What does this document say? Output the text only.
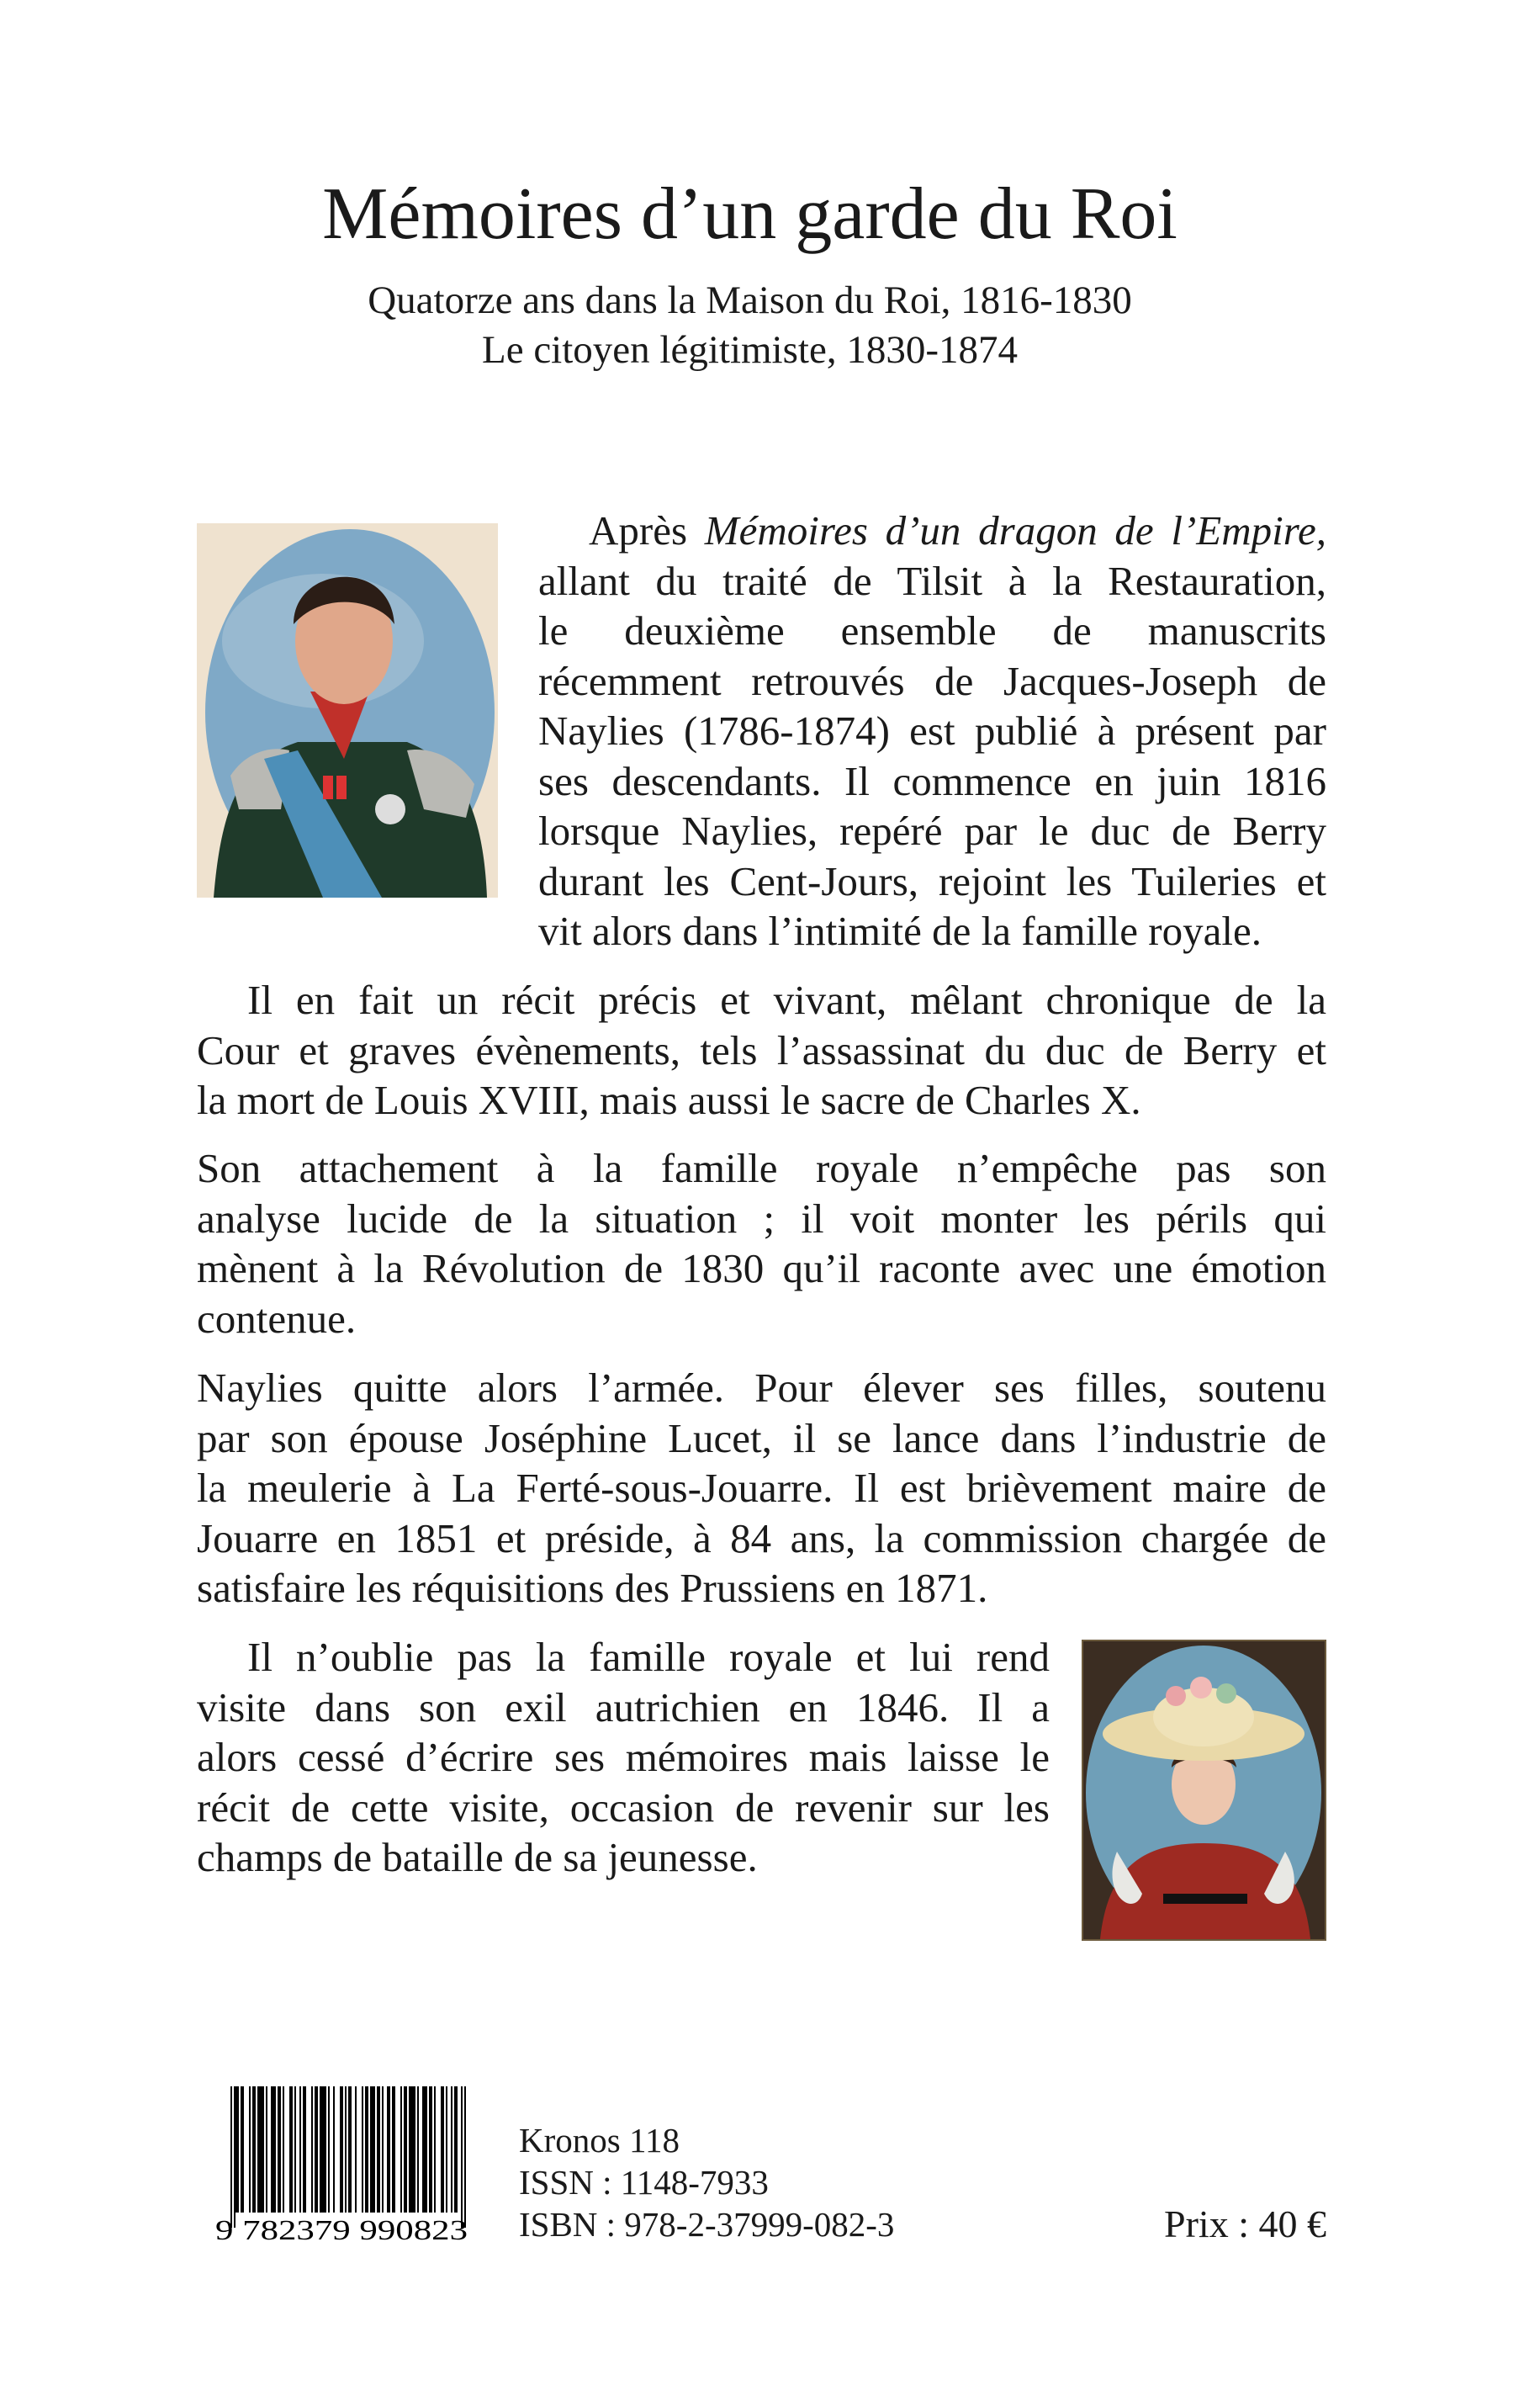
Mémoires d’un garde du Roi
Quatorze ans dans la Maison du Roi, 1816-1830
Le citoyen légitimiste, 1830-1874
Après Mémoires d’un dragon de l’Empire,
allant du traité de Tilsit à la Restauration,
le deuxième ensemble de manuscrits
récemment retrouvés de Jacques-Joseph de
Naylies (1786-1874) est publié à présent par
ses descendants. Il commence en juin 1816
lorsque Naylies, repéré par le duc de Berry
durant les Cent-Jours, rejoint les Tuileries et
vit alors dans l’intimité de la famille royale.
Il en fait un récit précis et vivant, mêlant chronique de la
Cour et graves évènements, tels l’assassinat du duc de Berry et
la mort de Louis XVIII, mais aussi le sacre de Charles X.
Son attachement à la famille royale n’empêche pas son
analyse lucide de la situation ; il voit monter les périls qui
mènent à la Révolution de 1830 qu’il raconte avec une émotion
contenue.
Naylies quitte alors l’armée. Pour élever ses filles, soutenu
par son épouse Joséphine Lucet, il se lance dans l’industrie de
la meulerie à La Ferté-sous-Jouarre. Il est brièvement maire de
Jouarre en 1851 et préside, à 84 ans, la commission chargée de
satisfaire les réquisitions des Prussiens en 1871.
Il n’oublie pas la famille royale et lui rend
visite dans son exil autrichien en 1846. Il a
alors cessé d’écrire ses mémoires mais laisse le
récit de cette visite, occasion de revenir sur les
champs de bataille de sa jeunesse.
9 782379 990823
Kronos 118
ISSN : 1148-7933
ISBN : 978-2-37999-082-3	Prix : 40 €
